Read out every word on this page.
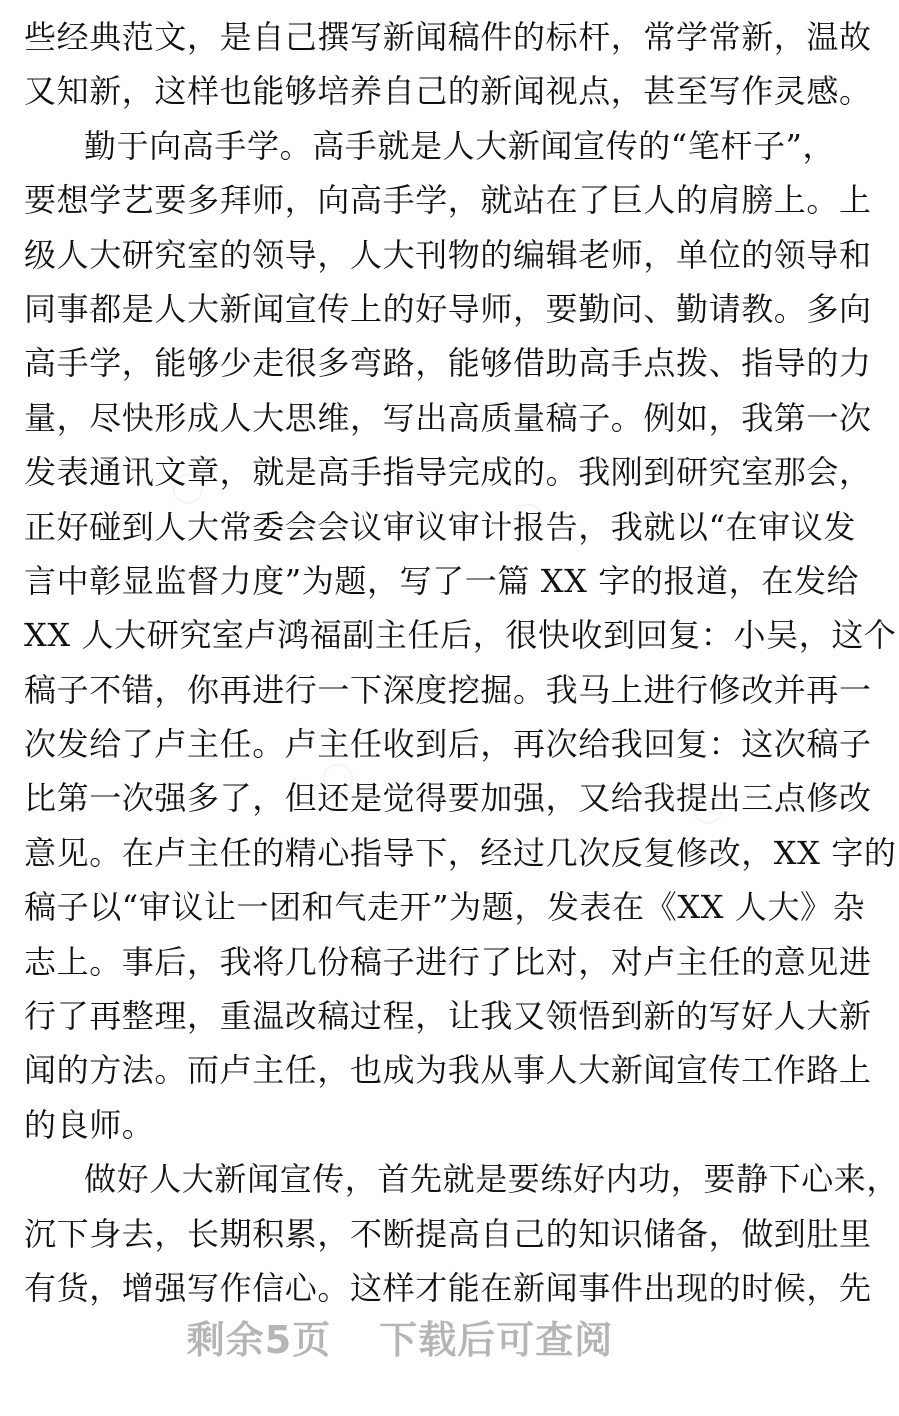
些经典范文，是自己撰写新闻稿件的标杆，常学常新，温故
又知新，这样也能够培养自己的新闻视点，甚至写作灵感。
勤于向高手学。高手就是人大新闻宣传的“笔杆子”，
要想学艺要多拜师，向高手学，就站在了巨人的肩膀上。上
级人大研究室的领导，人大刊物的编辑老师，单位的领导和
同事都是人大新闻宣传上的好导师，要勤问、勤请教。多向
高手学，能够少走很多弯路，能够借助高手点拨、指导的力
量，尽快形成人大思维，写出高质量稿子。例如，我第一次
发表通讯文章，就是高手指导完成的。我刚到研究室那会，
正好碰到人大常委会会议审议审计报告，我就以“在审议发
言中彰显监督力度”为题，写了一篇 XX 字的报道，在发给
XX 人大研究室卢鸿福副主任后，很快收到回复：小吴，这个
稿子不错，你再进行一下深度挖掘。我马上进行修改并再一
次发给了卢主任。卢主任收到后，再次给我回复：这次稿子
比第一次强多了，但还是觉得要加强，又给我提出三点修改
意见。在卢主任的精心指导下，经过几次反复修改，XX 字的
稿子以“审议让一团和气走开”为题，发表在《XX 人大》杂
志上。事后，我将几份稿子进行了比对，对卢主任的意见进
行了再整理，重温改稿过程，让我又领悟到新的写好人大新
闻的方法。而卢主任，也成为我从事人大新闻宣传工作路上
的良师。
做好人大新闻宣传，首先就是要练好内功，要静下心来，
沉下身去，长期积累，不断提高自己的知识储备，做到肚里
有货，增强写作信心。这样才能在新闻事件出现的时候，先
剩余5页 下载后可查阅
